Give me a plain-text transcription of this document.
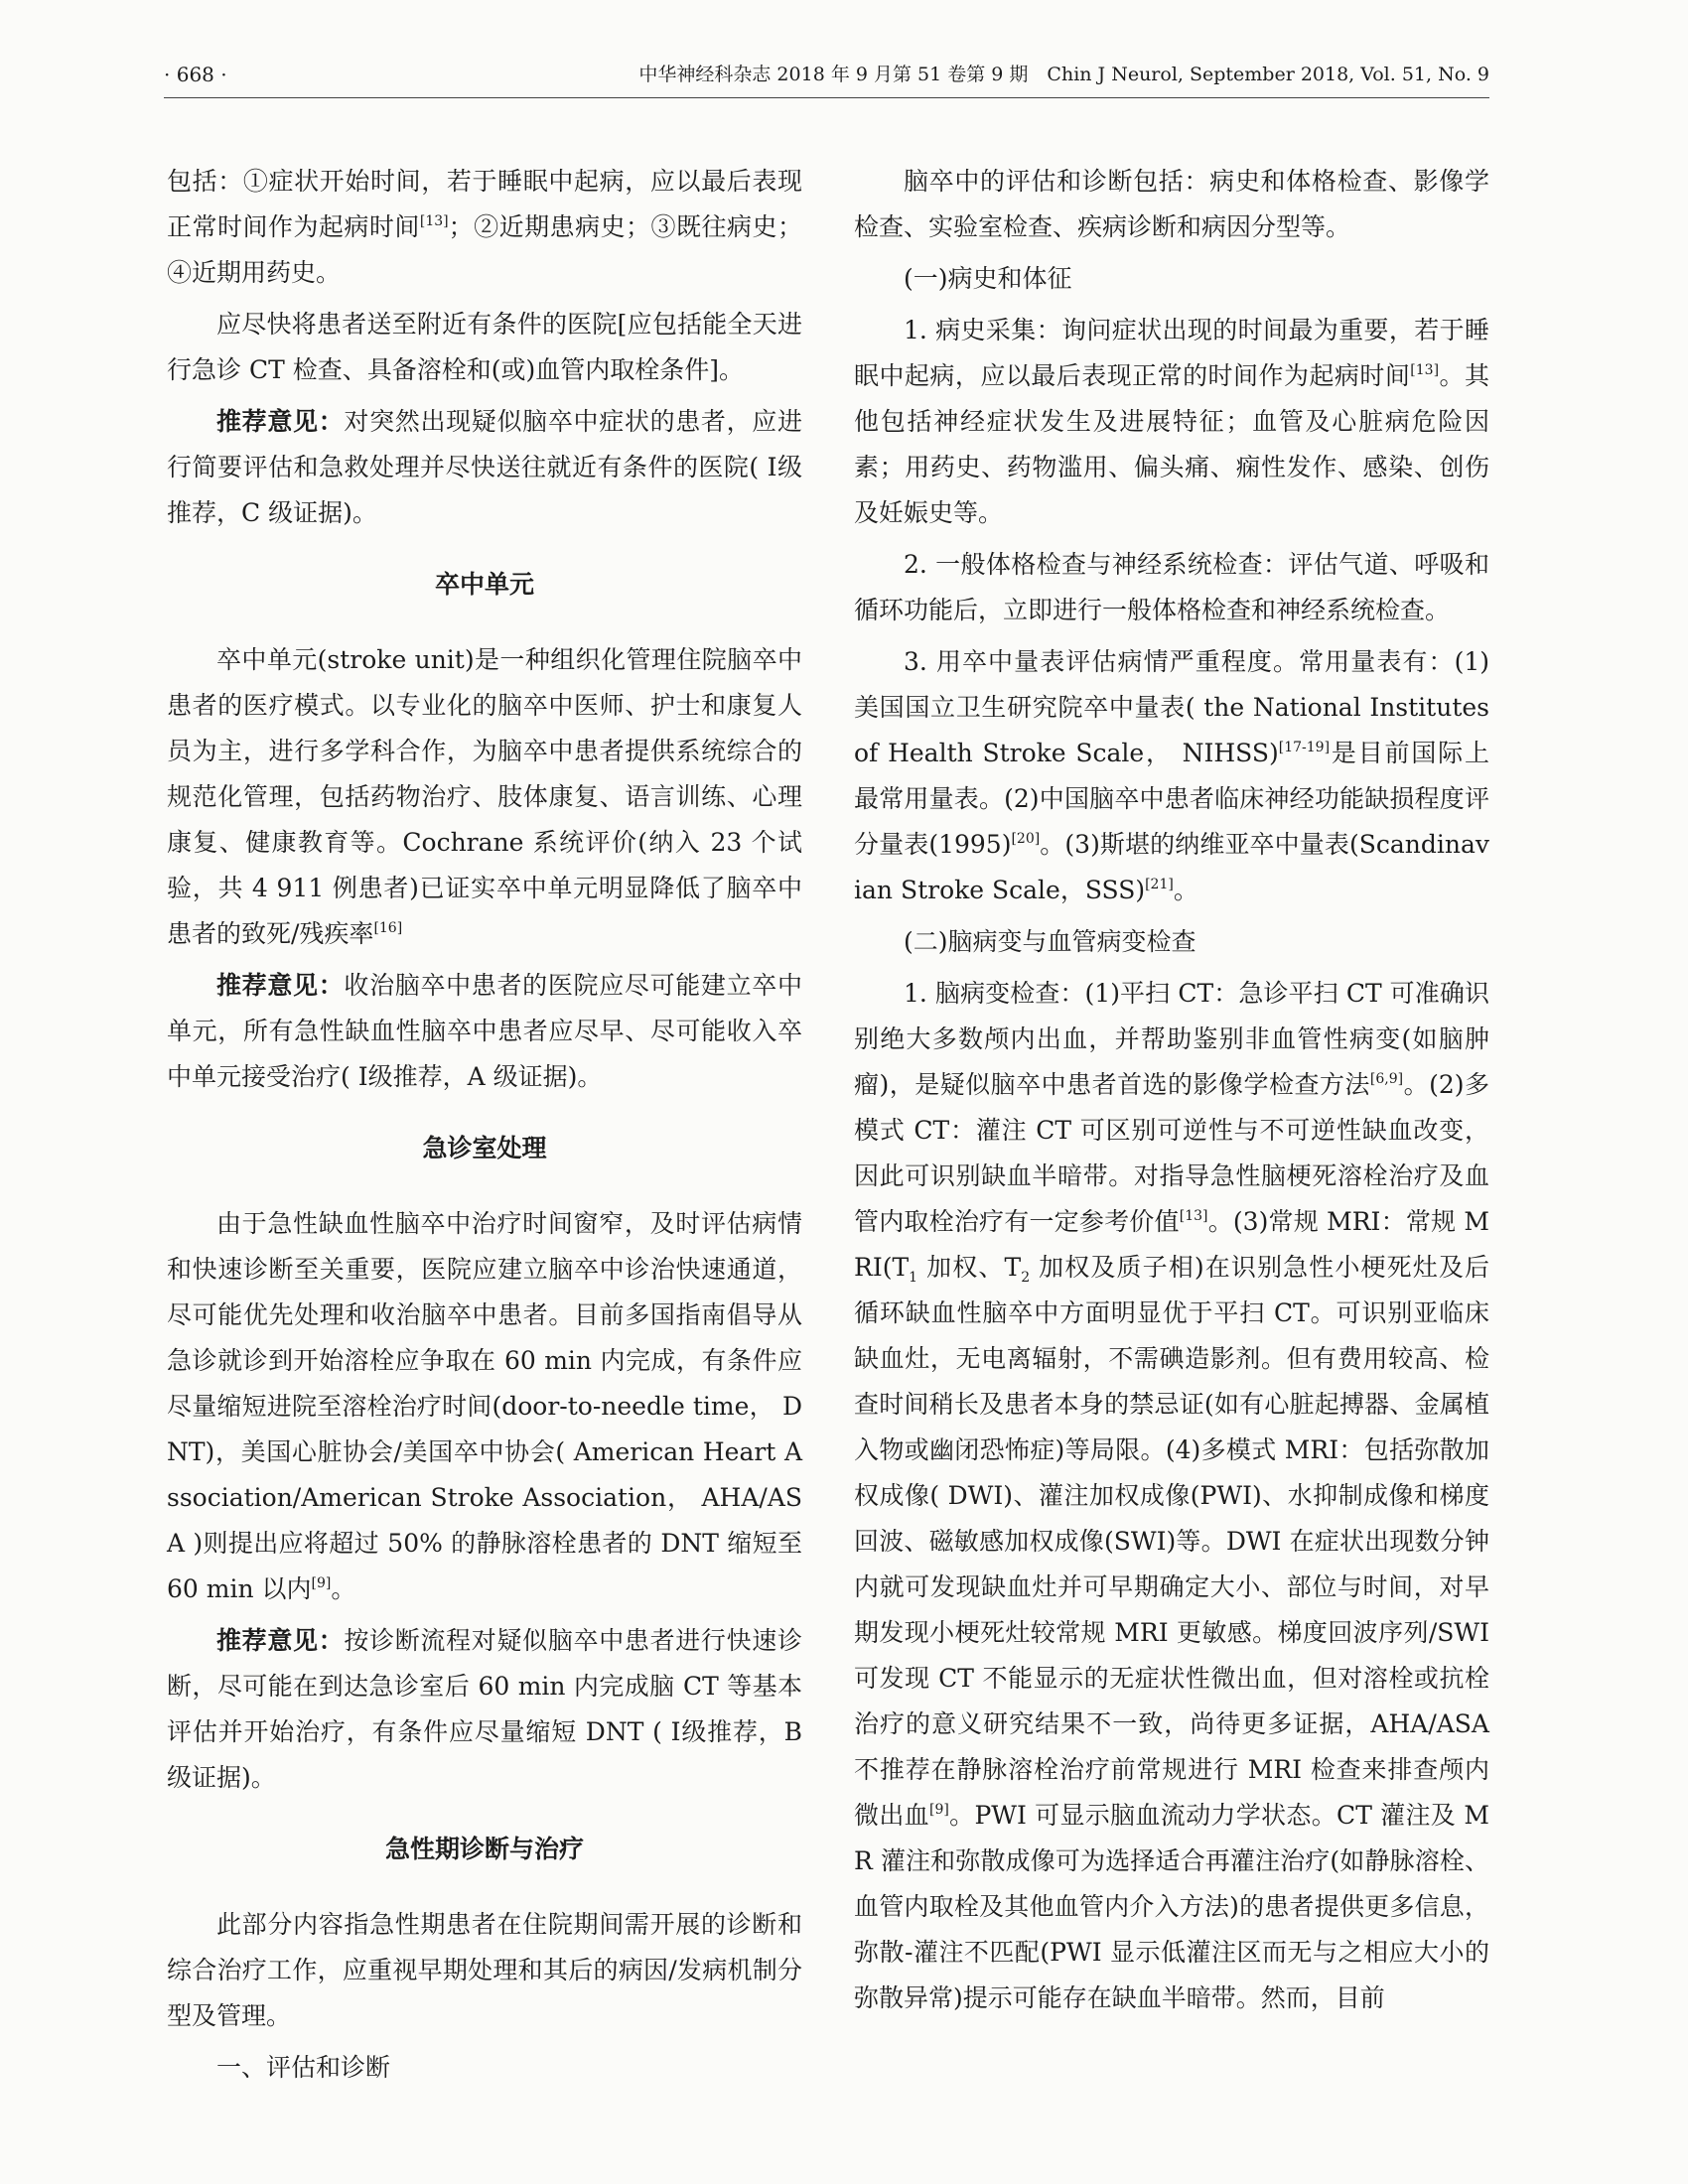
· 668 ·	中华神经科杂志 2018 年 9 月第 51 卷第 9 期　Chin J Neurol, September 2018, Vol. 51, No. 9

包括：①症状开始时间，若于睡眠中起病，应以最后表现正常时间作为起病时间[13]；②近期患病史；③既往病史；④近期用药史。

应尽快将患者送至附近有条件的医院[应包括能全天进行急诊 CT 检查、具备溶栓和(或)血管内取栓条件]。

推荐意见：对突然出现疑似脑卒中症状的患者，应进行简要评估和急救处理并尽快送往就近有条件的医院( Ⅰ级推荐，C 级证据)。

卒中单元

卒中单元(stroke unit)是一种组织化管理住院脑卒中患者的医疗模式。以专业化的脑卒中医师、护士和康复人员为主，进行多学科合作，为脑卒中患者提供系统综合的规范化管理，包括药物治疗、肢体康复、语言训练、心理康复、健康教育等。Cochrane 系统评价(纳入 23 个试验，共 4 911 例患者)已证实卒中单元明显降低了脑卒中患者的致死/残疾率[16]

推荐意见：收治脑卒中患者的医院应尽可能建立卒中单元，所有急性缺血性脑卒中患者应尽早、尽可能收入卒中单元接受治疗( Ⅰ级推荐，A 级证据)。

急诊室处理

由于急性缺血性脑卒中治疗时间窗窄，及时评估病情和快速诊断至关重要，医院应建立脑卒中诊治快速通道，尽可能优先处理和收治脑卒中患者。目前多国指南倡导从急诊就诊到开始溶栓应争取在 60 min 内完成，有条件应尽量缩短进院至溶栓治疗时间(door-to-needle time， DNT)，美国心脏协会/美国卒中协会( American Heart Association/American Stroke Association， AHA/ASA )则提出应将超过 50% 的静脉溶栓患者的 DNT 缩短至 60 min 以内[9]。

推荐意见：按诊断流程对疑似脑卒中患者进行快速诊断，尽可能在到达急诊室后 60 min 内完成脑 CT 等基本评估并开始治疗，有条件应尽量缩短 DNT ( Ⅰ级推荐，B 级证据)。

急性期诊断与治疗

此部分内容指急性期患者在住院期间需开展的诊断和综合治疗工作，应重视早期处理和其后的病因/发病机制分型及管理。

一、评估和诊断

脑卒中的评估和诊断包括：病史和体格检查、影像学检查、实验室检查、疾病诊断和病因分型等。

(一)病史和体征

1. 病史采集：询问症状出现的时间最为重要，若于睡眠中起病，应以最后表现正常的时间作为起病时间[13]。其他包括神经症状发生及进展特征；血管及心脏病危险因素；用药史、药物滥用、偏头痛、痫性发作、感染、创伤及妊娠史等。

2. 一般体格检查与神经系统检查：评估气道、呼吸和循环功能后，立即进行一般体格检查和神经系统检查。

3. 用卒中量表评估病情严重程度。常用量表有：(1)美国国立卫生研究院卒中量表( the National Institutes of Health Stroke Scale， NIHSS)[17-19]是目前国际上最常用量表。(2)中国脑卒中患者临床神经功能缺损程度评分量表(1995)[20]。(3)斯堪的纳维亚卒中量表(Scandinavian Stroke Scale，SSS)[21]。

(二)脑病变与血管病变检查

1. 脑病变检查：(1)平扫 CT：急诊平扫 CT 可准确识别绝大多数颅内出血，并帮助鉴别非血管性病变(如脑肿瘤)，是疑似脑卒中患者首选的影像学检查方法[6,9]。(2)多模式 CT：灌注 CT 可区别可逆性与不可逆性缺血改变，因此可识别缺血半暗带。对指导急性脑梗死溶栓治疗及血管内取栓治疗有一定参考价值[13]。(3)常规 MRI：常规 $MRI(T_1$ 加权、$T_2$ 加权及质子相)在识别急性小梗死灶及后循环缺血性脑卒中方面明显优于平扫 CT。可识别亚临床缺血灶，无电离辐射，不需碘造影剂。但有费用较高、检查时间稍长及患者本身的禁忌证(如有心脏起搏器、金属植入物或幽闭恐怖症)等局限。(4)多模式 MRI：包括弥散加权成像( DWI)、灌注加权成像(PWI)、水抑制成像和梯度回波、磁敏感加权成像(SWI)等。DWI 在症状出现数分钟内就可发现缺血灶并可早期确定大小、部位与时间，对早期发现小梗死灶较常规 MRI 更敏感。梯度回波序列/SWI 可发现 CT 不能显示的无症状性微出血，但对溶栓或抗栓治疗的意义研究结果不一致，尚待更多证据，AHA/ASA 不推荐在静脉溶栓治疗前常规进行 MRI 检查来排查颅内微出血[9]。PWI 可显示脑血流动力学状态。CT 灌注及 MR 灌注和弥散成像可为选择适合再灌注治疗(如静脉溶栓、血管内取栓及其他血管内介入方法)的患者提供更多信息，弥散-灌注不匹配(PWI 显示低灌注区而无与之相应大小的弥散异常)提示可能存在缺血半暗带。然而，目前
